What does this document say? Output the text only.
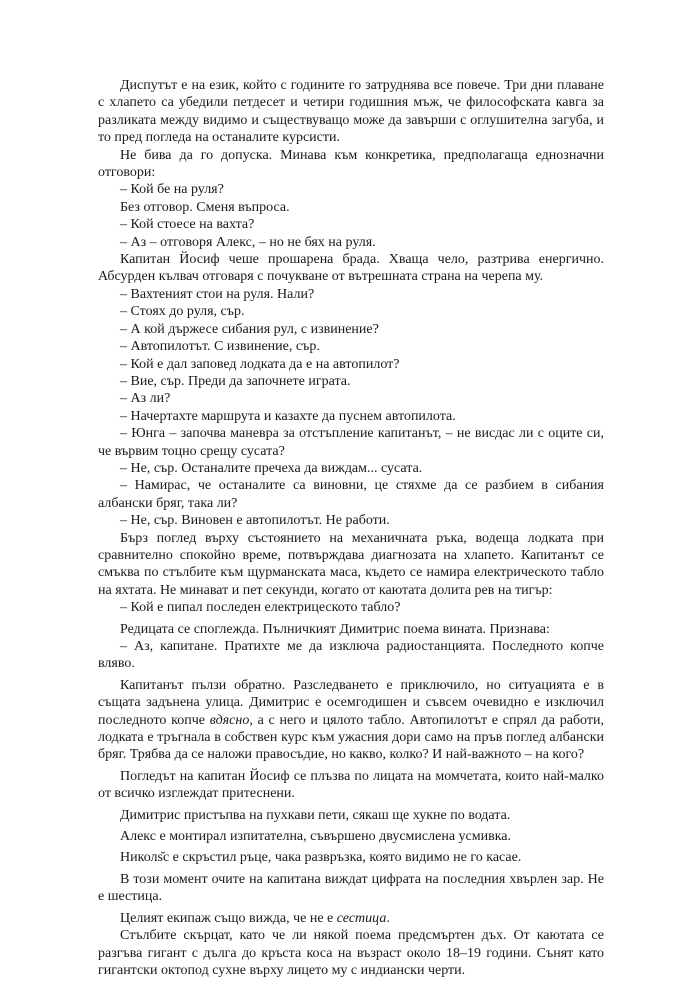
Диспутът е на език, който с годините го затруднява все повече. Три дни плаване с хлапето са убедили петдесет и четири годишния мъж, че философската кавга за разликата между видимо и съществуващо може да завърши с оглушителна загуба, и то пред погледа на останалите курсисти.

Не бива да го допуска. Минава към конкретика, предполагаща еднозначни отговори:

– Кой бе на руля?

Без отговор. Сменя въпроса.

– Кой стоесе на вахта?

– Аз – отговоря Алекс, – но не бях на руля.

Капитан Йосиф чеше прошарена брада. Хваща чело, разтрива енергично. Абсурден кълвач отговаря с почукване от вътрешната страна на черепа му.

– Вахтеният стои на руля. Нали?

– Стоях до руля, сър.

– А кой държесе сибания рул, с извинение?

– Автопилотът. С извинение, сър.

– Кой е дал заповед лодката да е на автопилот?

– Вие, сър. Преди да започнете играта.

– Аз ли?

– Начертахте маршрута и казахте да пуснем автопилота.

– Юнга – започва маневра за отстъпление капитанът, – не висдас ли с оците си, че вървим тоцно срещу сусата?

– Не, сър. Останалите пречеха да виждам... сусата.

– Намирас, че останалите са виновни, це стяхме да се разбием в сибания албански бряг, така ли?

– Не, сър. Виновен е автопилотът. Не работи.

Бърз поглед върху състоянието на механичната ръка, водеща лодката при сравнително спокойно време, потвърждава диагнозата на хлапето. Капитанът се смъква по стълбите към щурманската маса, където се намира електрическото табло на яхтата. Не минават и пет секунди, когато от каютата долита рев на тигър:

– Кой е пипал последен електрицеското табло?

Редицата се споглежда. Пълничкият Димитрис поема вината. Признава:

– Аз, капитане. Пратихте ме да изключа радиостанцията. Последното копче вляво.

Капитанът пълзи обратно. Разследването е приключило, но ситуацията е в същата задънена улица. Димитрис е осемгодишен и съвсем очевидно е изключил последното копче вдясно, а с него и цялото табло. Автопилотът е спрял да работи, лодката е тръгнала в собствен курс към ужасния дори само на пръв поглед албански бряг. Трябва да се наложи правосъдие, но какво, колко? И най-важното – на кого?

Погледът на капитан Йосиф се плъзва по лицата на момчетата, които най-малко от всичко изглеждат притеснени.

Димитрис пристъпва на пухкави пети, сякаш ще хукне по водата.

Алекс е монтирал изпитателна, съвършено двусмислена усмивка.

Николѕ̆с е скръстил ръце, чака развръзка, която видимо не го касае.

В този момент очите на капитана виждат цифрата на последния хвърлен зар. Не е шестица.

Целият екипаж също вижда, че не е сестица.

Стълбите скърцат, като че ли някой поема предсмъртен дъх. От каютата се разгъва гигант с дълга до кръста коса на възраст около 18–19 години. Сънят като гигантски октопод сухне върху лицето му с индиански черти.
